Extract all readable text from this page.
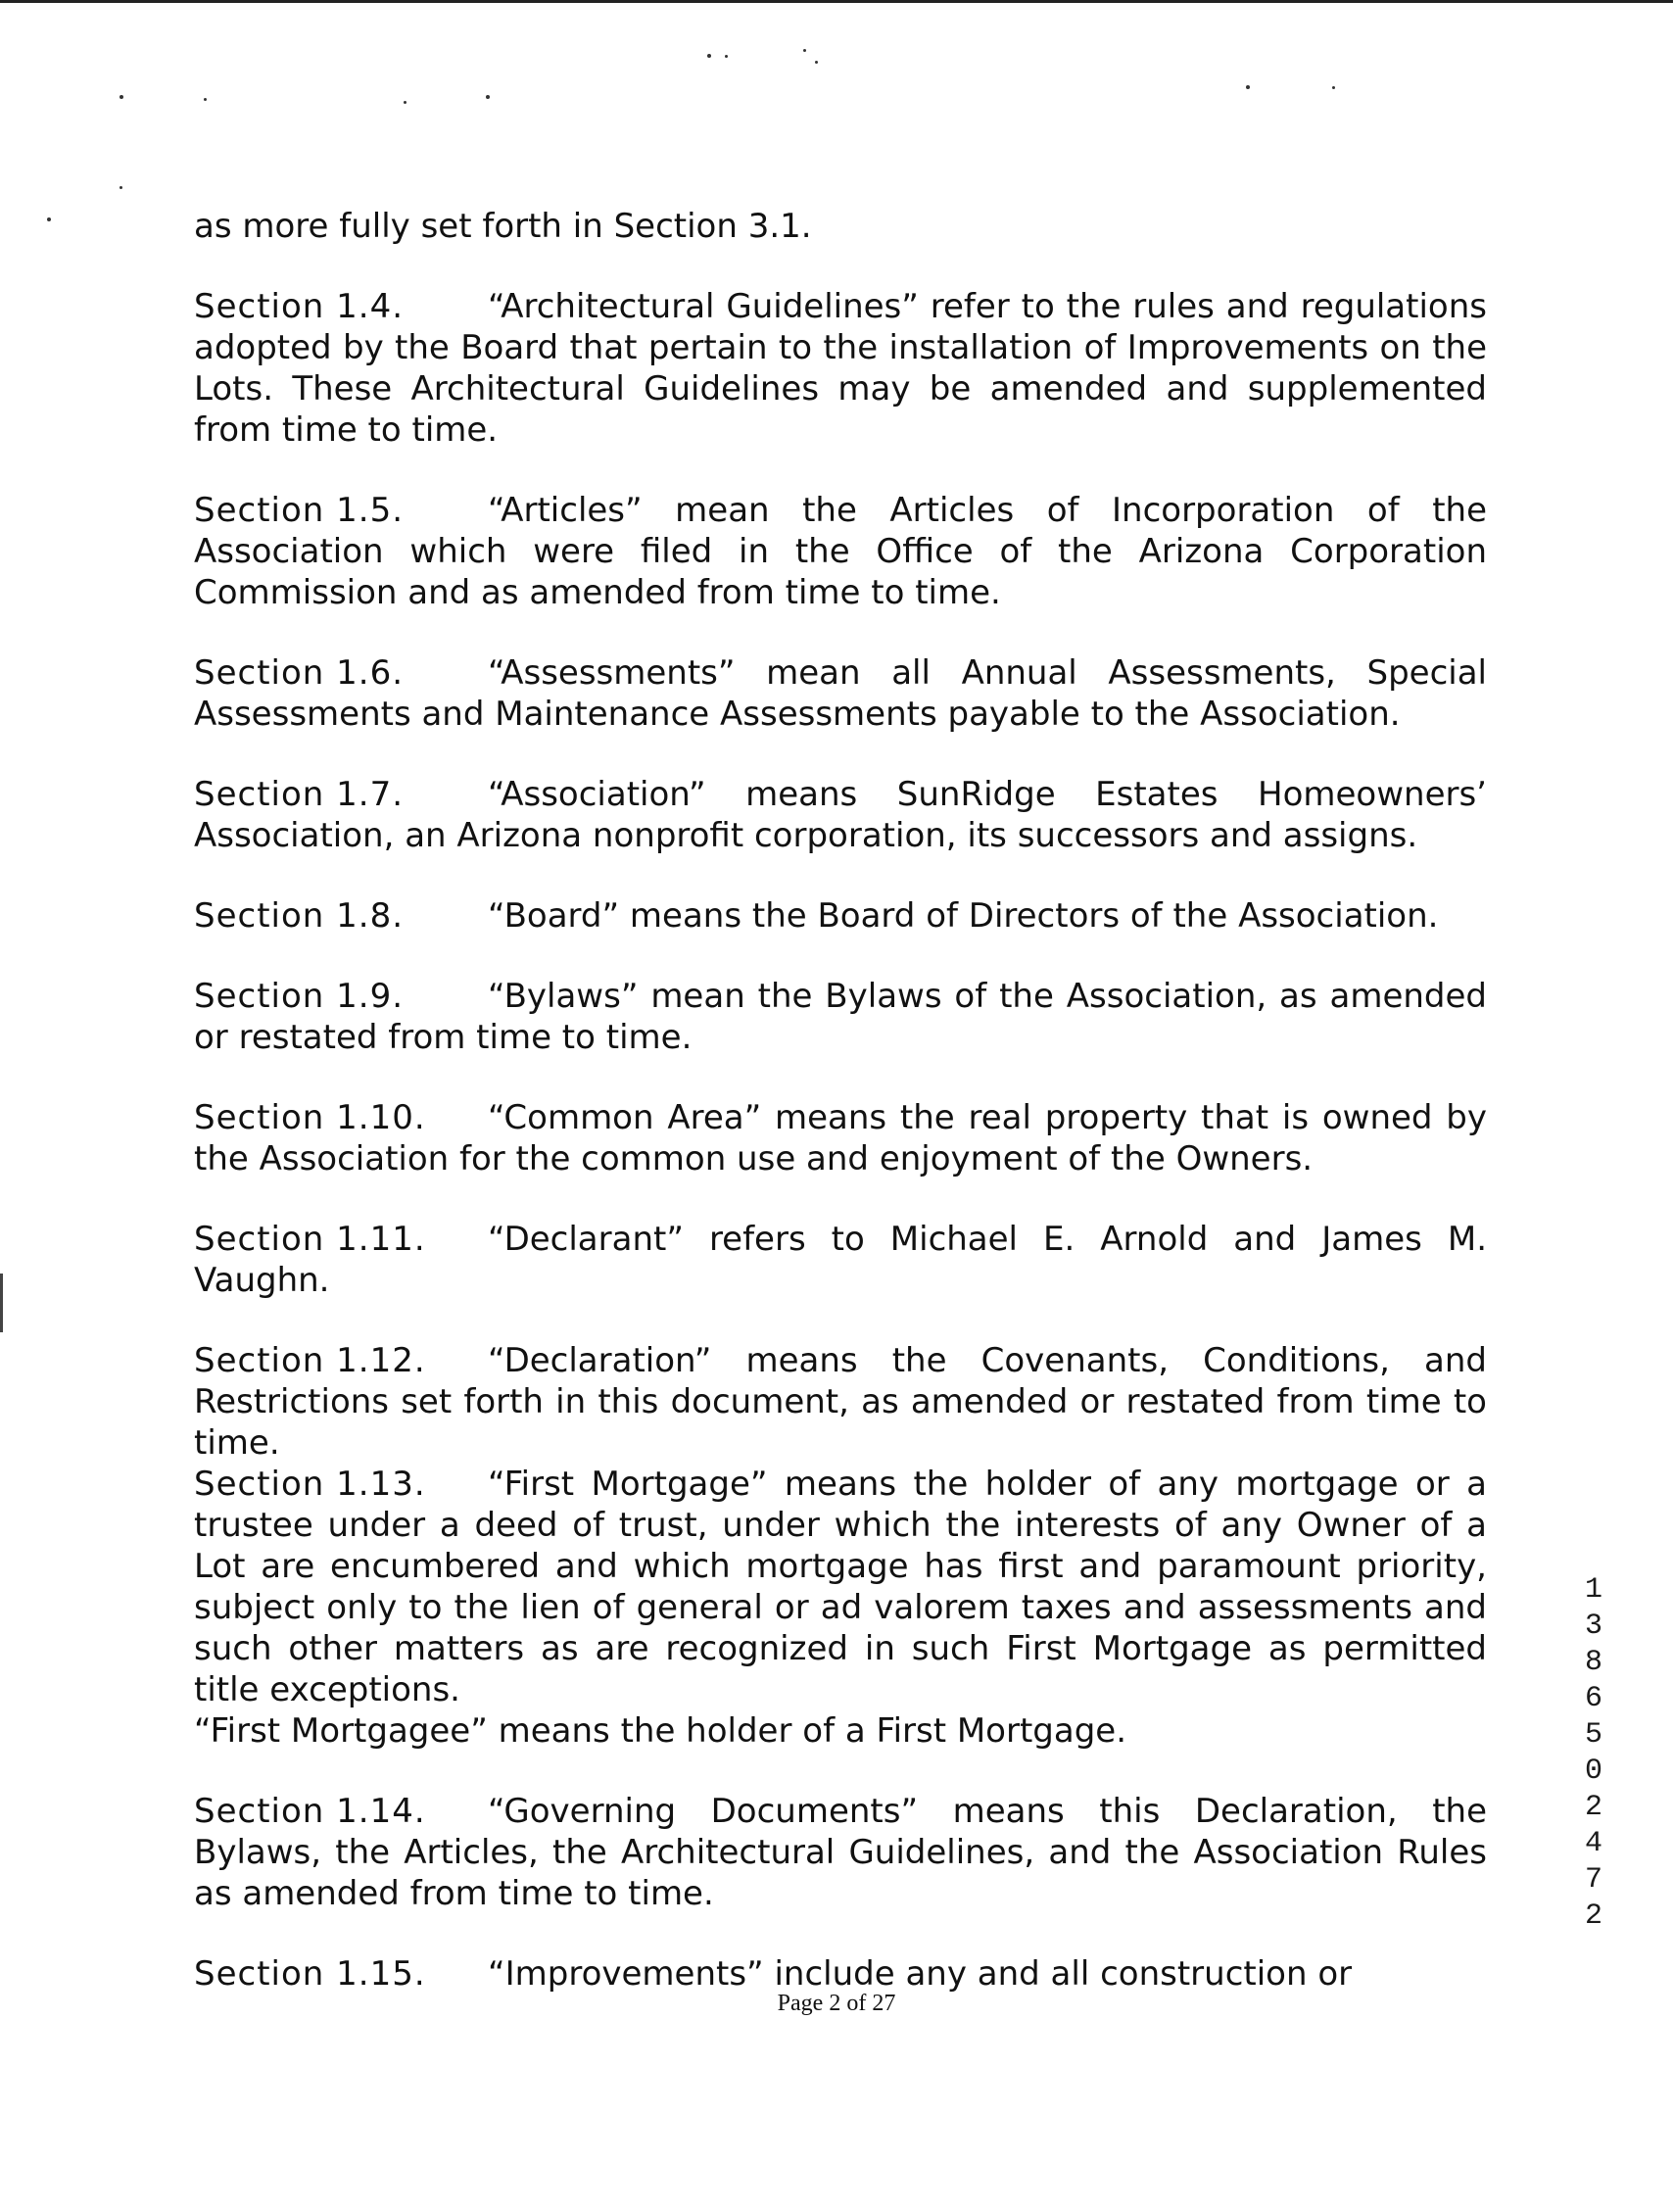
as more fully set forth in Section 3.1.

Section 1.4.	“Architectural Guidelines” refer to the rules and regulations adopted by the Board that pertain to the installation of Improvements on the Lots. These Architectural Guidelines may be amended and supplemented from time to time.

Section 1.5.	“Articles” mean the Articles of Incorporation of the Association which were filed in the Office of the Arizona Corporation Commission and as amended from time to time.

Section 1.6.	“Assessments” mean all Annual Assessments, Special Assessments and Maintenance Assessments payable to the Association.

Section 1.7.	“Association” means SunRidge Estates Homeowners’ Association, an Arizona nonprofit corporation, its successors and assigns.

Section 1.8.	“Board” means the Board of Directors of the Association.

Section 1.9.	“Bylaws” mean the Bylaws of the Association, as amended or restated from time to time.

Section 1.10. “Common Area” means the real property that is owned by the Association for the common use and enjoyment of the Owners.

Section 1.11. “Declarant” refers to Michael E. Arnold and James M. Vaughn.

Section 1.12. “Declaration” means the Covenants, Conditions, and Restrictions set forth in this document, as amended or restated from time to time.

Section 1.13. “First Mortgage” means the holder of any mortgage or a trustee under a deed of trust, under which the interests of any Owner of a Lot are encumbered and which mortgage has first and paramount priority, subject only to the lien of general or ad valorem taxes and assessments and such other matters as are recognized in such First Mortgage as permitted title exceptions.

“First Mortgagee” means the holder of a First Mortgage.

Section 1.14. “Governing Documents” means this Declaration, the Bylaws, the Articles, the Architectural Guidelines, and the Association Rules as amended from time to time.

Section 1.15. “Improvements” include any and all construction or

Page 2 of 27
1
3
8
6
5
0
2
4
7
2
